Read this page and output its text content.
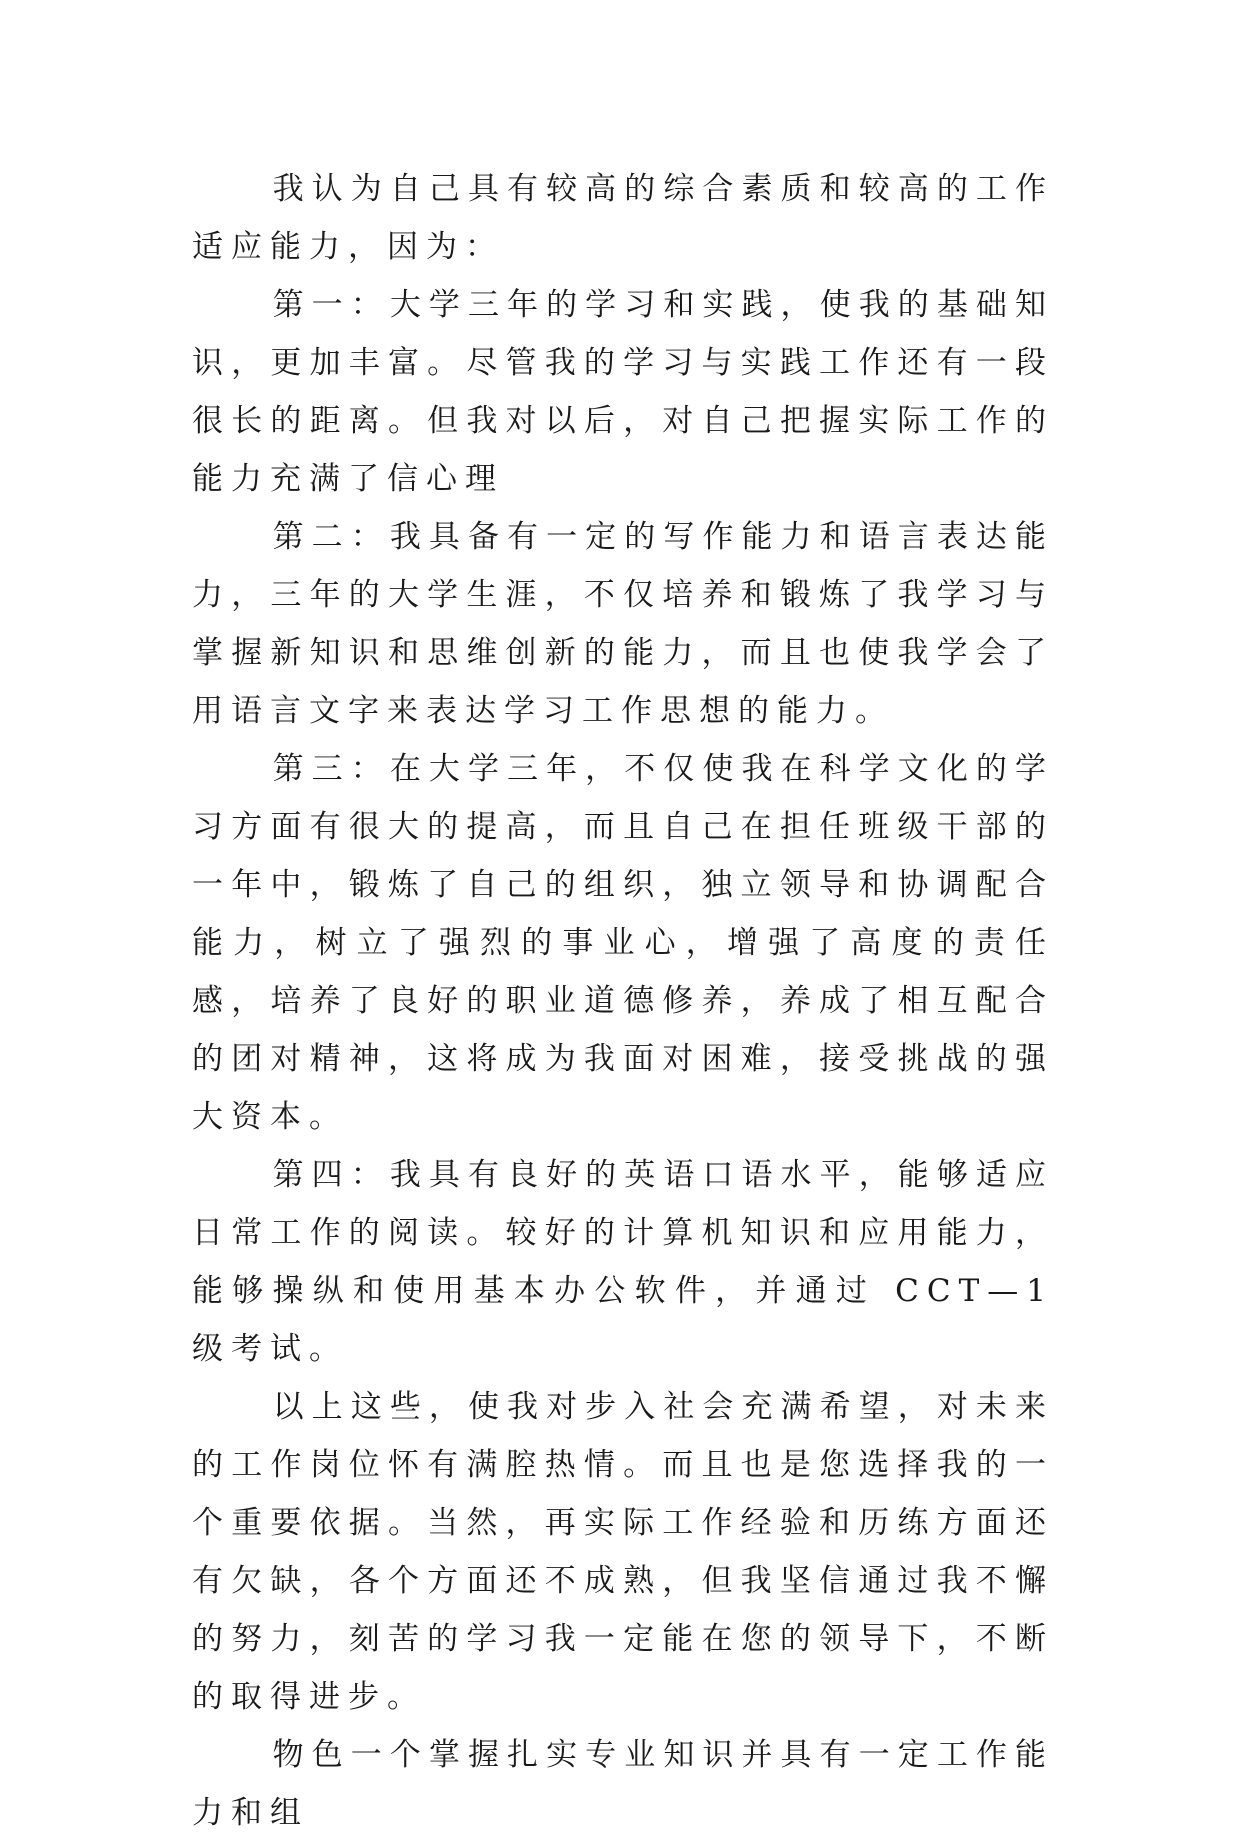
我认为自己具有较高的综合素质和较高的工作适应能力，因为：

第一：大学三年的学习和实践，使我的基础知识，更加丰富。尽管我的学习与实践工作还有一段很长的距离。但我对以后，对自己把握实际工作的能力充满了信心理

第二：我具备有一定的写作能力和语言表达能力，三年的大学生涯，不仅培养和锻炼了我学习与掌握新知识和思维创新的能力，而且也使我学会了用语言文字来表达学习工作思想的能力。

第三：在大学三年，不仅使我在科学文化的学习方面有很大的提高，而且自己在担任班级干部的一年中，锻炼了自己的组织，独立领导和协调配合能力，树立了强烈的事业心，增强了高度的责任感，培养了良好的职业道德修养，养成了相互配合的团对精神，这将成为我面对困难，接受挑战的强大资本。

第四：我具有良好的英语口语水平，能够适应日常工作的阅读。较好的计算机知识和应用能力，能够操纵和使用基本办公软件，并通过 CCT—1 级考试。

以上这些，使我对步入社会充满希望，对未来的工作岗位怀有满腔热情。而且也是您选择我的一个重要依据。当然，再实际工作经验和历练方面还有欠缺，各个方面还不成熟，但我坚信通过我不懈的努力，刻苦的学习我一定能在您的领导下，不断的取得进步。

物色一个掌握扎实专业知识并具有一定工作能力和组
